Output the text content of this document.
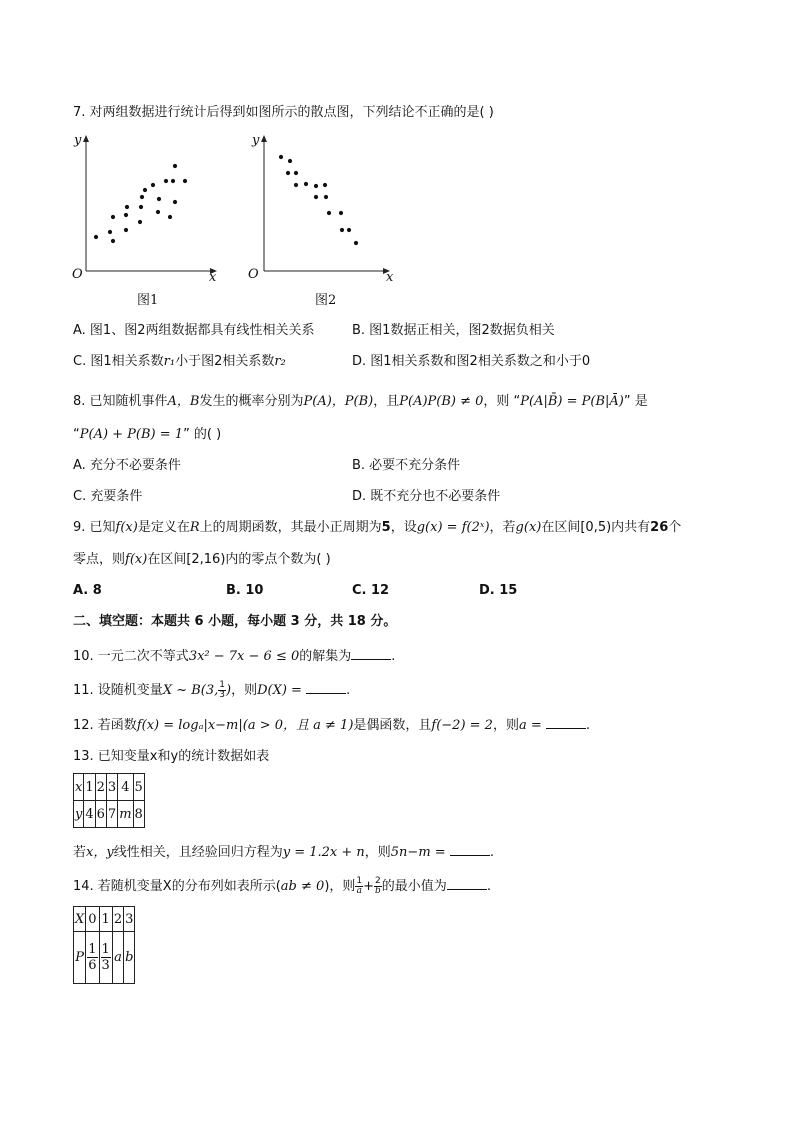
7. 对两组数据进行统计后得到如图所示的散点图，下列结论不正确的是( )
y
x
O
图1
y
x
O
图2
A. 图1、图2两组数据都具有线性相关关系	B. 图1数据正相关，图2数据负相关
C. 图1相关系数r₁小于图2相关系数r₂	D. 图1相关系数和图2相关系数之和小于0
8. 已知随机事件A，B发生的概率分别为P(A)，P(B)，且P(A)P(B) ≠ 0，则 “P(A|B̄) = P(B|Ā)” 是
“P(A) + P(B) = 1” 的( )
A. 充分不必要条件	B. 必要不充分条件
C. 充要条件	D. 既不充分也不必要条件
9. 已知f(x)是定义在R上的周期函数，其最小正周期为5，设g(x) = f(2ˣ)，若g(x)在区间[0,5)内共有26个
零点，则f(x)在区间[2,16)内的零点个数为( )
A. 8	B. 10	C. 12	D. 15
二、填空题：本题共 6 小题，每小题 3 分，共 18 分。
10. 一元二次不等式3x² − 7x − 6 ≤ 0的解集为	.
11. 设随机变量X ~ B(3, $\frac{1}{3}$ )，则D(X) =	.
12. 若函数f(x) = logₐ|x−m|(a > 0，且 a ≠ 1)是偶函数，且f(−2) = 2，则a =	.
13. 已知变量x和y的统计数据如表
x	1	2	3	4	5
y	4	6	7	m	8
若x，y线性相关，且经验回归方程为y = 1.2x + n，则5n−m =	.
14. 若随机变量X的分布列如表所示(ab ≠ 0)，则 $\frac{1}{a} + \frac{2}{b}$ 的最小值为	.
X	0	1	2	3
P	$\frac{1}{6}$	$\frac{1}{3}$	a	b
